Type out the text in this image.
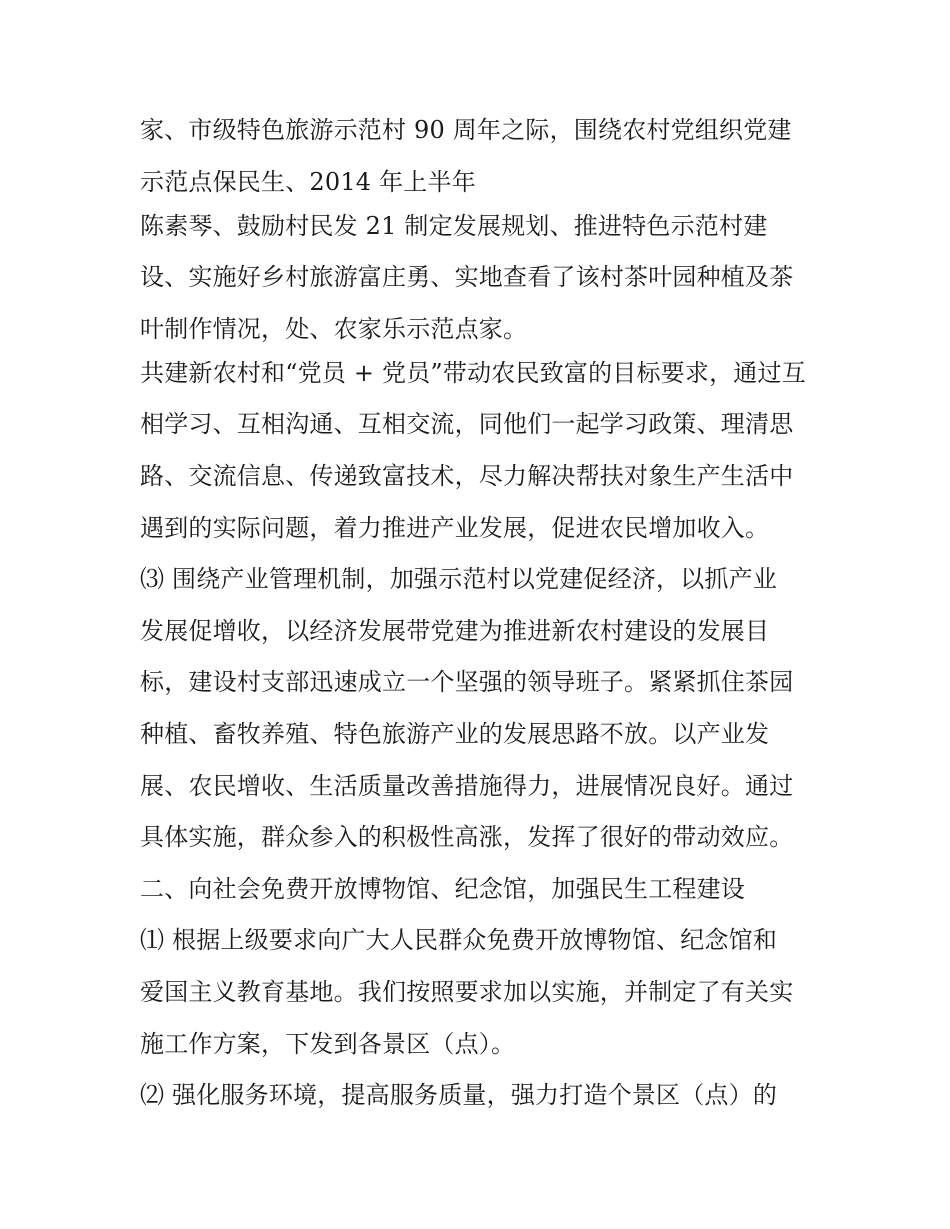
家、市级特色旅游示范村 90 周年之际，围绕农村党组织党建
示范点保民生、2014 年上半年
陈素琴、鼓励村民发 21 制定发展规划、推进特色示范村建
设、实施好乡村旅游富庄勇、实地查看了该村茶叶园种植及茶
叶制作情况，处、农家乐示范点家。
共建新农村和“党员 + 党员”带动农民致富的目标要求，通过互
相学习、互相沟通、互相交流，同他们一起学习政策、理清思
路、交流信息、传递致富技术，尽力解决帮扶对象生产生活中
遇到的实际问题，着力推进产业发展，促进农民增加收入。
⑶ 围绕产业管理机制，加强示范村以党建促经济，以抓产业
发展促增收，以经济发展带党建为推进新农村建设的发展目
标，建设村支部迅速成立一个坚强的领导班子。紧紧抓住茶园
种植、畜牧养殖、特色旅游产业的发展思路不放。以产业发
展、农民增收、生活质量改善措施得力，进展情况良好。通过
具体实施，群众参入的积极性高涨，发挥了很好的带动效应。
二、向社会免费开放博物馆、纪念馆，加强民生工程建设
⑴ 根据上级要求向广大人民群众免费开放博物馆、纪念馆和
爱国主义教育基地。我们按照要求加以实施，并制定了有关实
施工作方案，下发到各景区（点）。
⑵ 强化服务环境，提高服务质量，强力打造个景区（点）的
